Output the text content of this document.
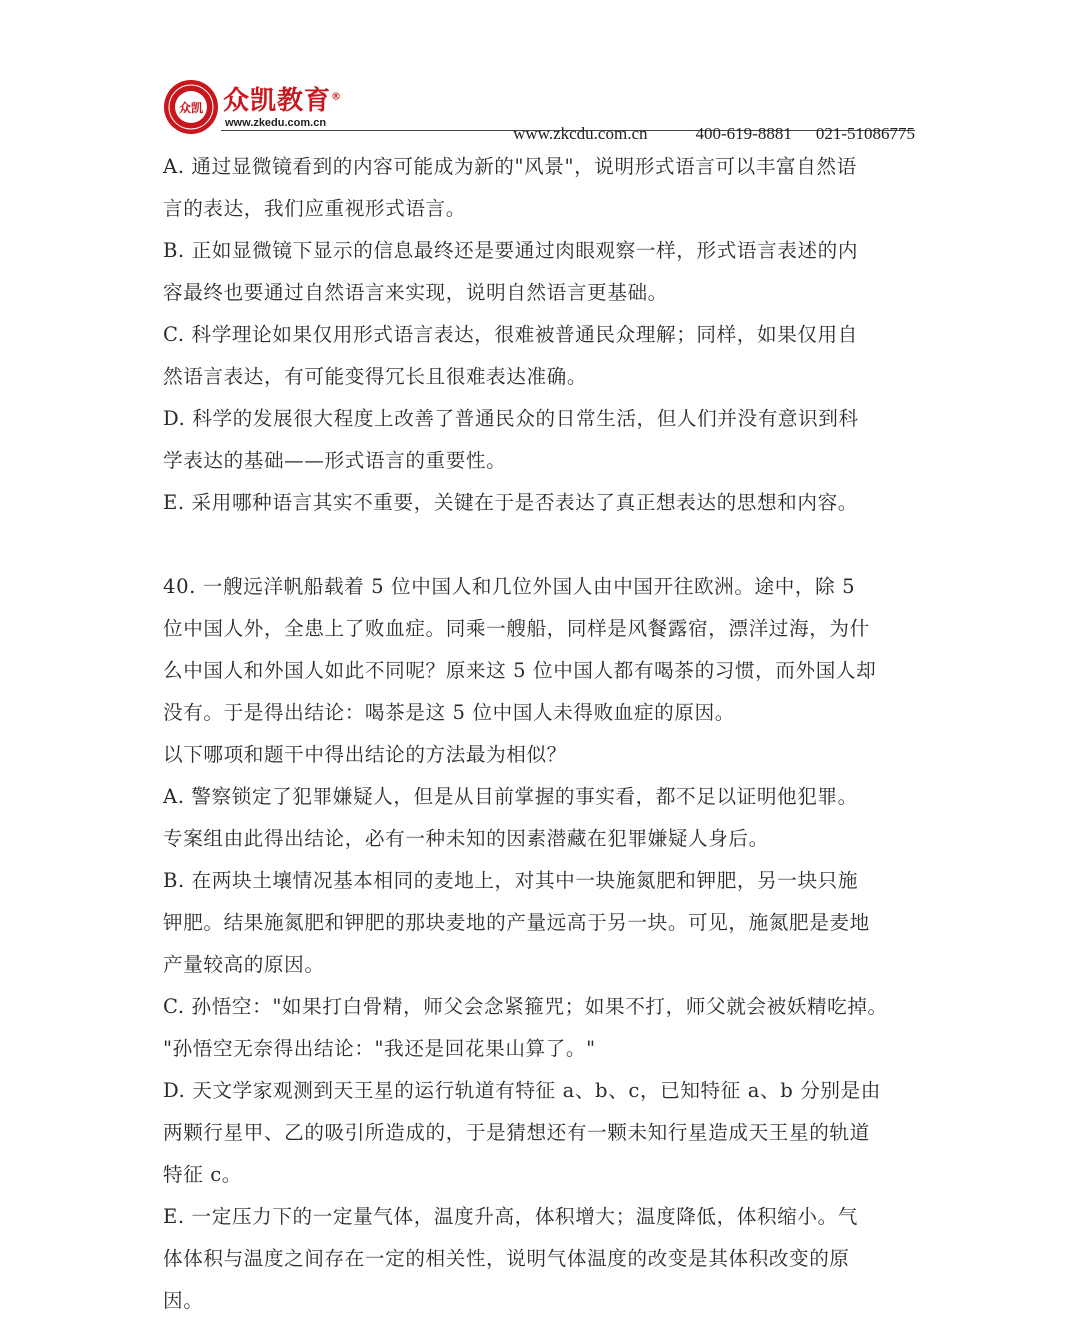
众凯 众凯教育®
www.zkedu.com.cn
www.zkcdu.com.cn	400-619-8881 021-51086775
A. 通过显微镜看到的内容可能成为新的"风景"，说明形式语言可以丰富自然语
言的表达，我们应重视形式语言。
B. 正如显微镜下显示的信息最终还是要通过肉眼观察一样，形式语言表述的内
容最终也要通过自然语言来实现，说明自然语言更基础。
C. 科学理论如果仅用形式语言表达，很难被普通民众理解；同样，如果仅用自
然语言表达，有可能变得冗长且很难表达准确。
D. 科学的发展很大程度上改善了普通民众的日常生活，但人们并没有意识到科
学表达的基础——形式语言的重要性。
E. 采用哪种语言其实不重要，关键在于是否表达了真正想表达的思想和内容。
40. 一艘远洋帆船载着 5 位中国人和几位外国人由中国开往欧洲。途中，除 5
位中国人外，全患上了败血症。同乘一艘船，同样是风餐露宿，漂洋过海，为什
么中国人和外国人如此不同呢？原来这 5 位中国人都有喝茶的习惯，而外国人却
没有。于是得出结论：喝茶是这 5 位中国人未得败血症的原因。
以下哪项和题干中得出结论的方法最为相似？
A. 警察锁定了犯罪嫌疑人，但是从目前掌握的事实看，都不足以证明他犯罪。
专案组由此得出结论，必有一种未知的因素潜藏在犯罪嫌疑人身后。
B. 在两块土壤情况基本相同的麦地上，对其中一块施氮肥和钾肥，另一块只施
钾肥。结果施氮肥和钾肥的那块麦地的产量远高于另一块。可见，施氮肥是麦地
产量较高的原因。
C. 孙悟空："如果打白骨精，师父会念紧箍咒；如果不打，师父就会被妖精吃掉。
"孙悟空无奈得出结论："我还是回花果山算了。"
D. 天文学家观测到天王星的运行轨道有特征 a、b、c，已知特征 a、b 分别是由
两颗行星甲、乙的吸引所造成的，于是猜想还有一颗未知行星造成天王星的轨道
特征 c。
E. 一定压力下的一定量气体，温度升高，体积增大；温度降低，体积缩小。气
体体积与温度之间存在一定的相关性，说明气体温度的改变是其体积改变的原
因。
